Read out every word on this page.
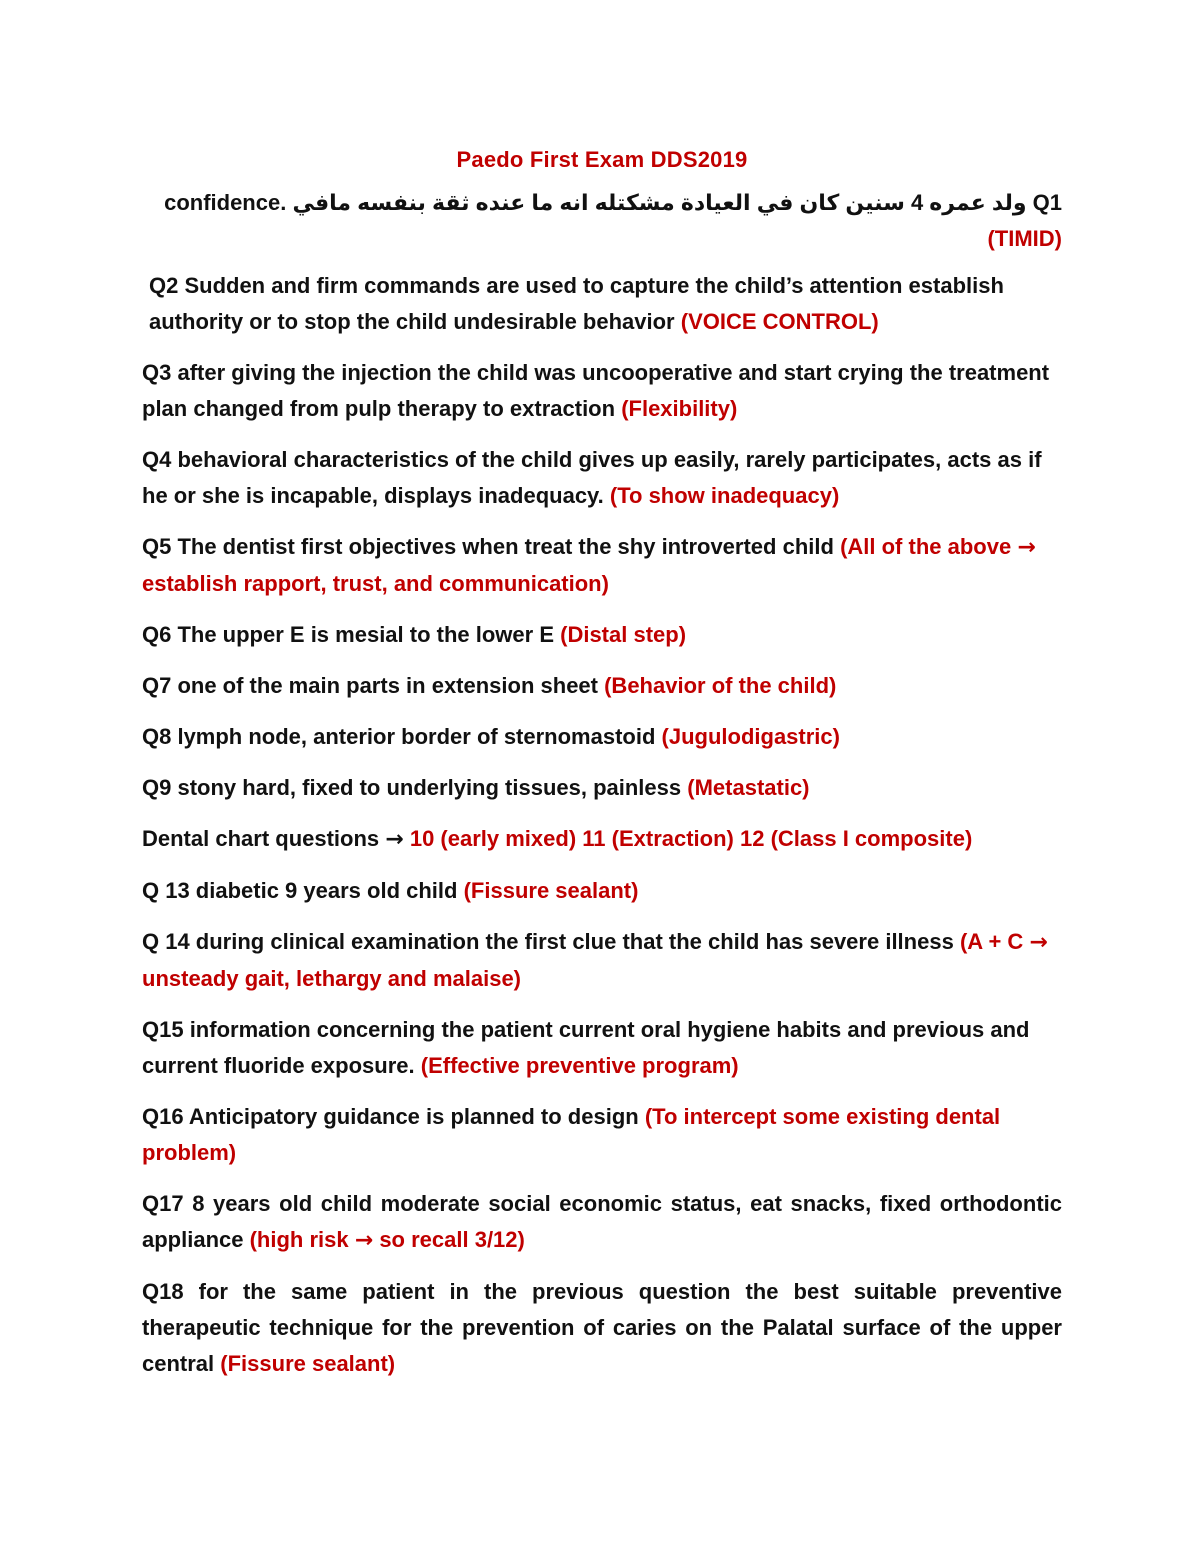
Paedo First Exam DDS2019
Q1 ولد عمره 4 سنين كان في العيادة مشكتله انه ما عنده ثقة بنفسه مافي confidence. (TIMID)
Q2 Sudden and firm commands are used to capture the child’s attention establish authority or to stop the child undesirable behavior (VOICE CONTROL)
Q3 after giving the injection the child was uncooperative and start crying the treatment plan changed from pulp therapy to extraction (Flexibility)
Q4 behavioral characteristics of the child gives up easily, rarely participates, acts as if he or she is incapable, displays inadequacy. (To show inadequacy)
Q5 The dentist first objectives when treat the shy introverted child (All of the above → establish rapport, trust, and communication)
Q6 The upper E is mesial to the lower E (Distal step)
Q7 one of the main parts in extension sheet (Behavior of the child)
Q8 lymph node, anterior border of sternomastoid (Jugulodigastric)
Q9 stony hard, fixed to underlying tissues, painless (Metastatic)
Dental chart questions → 10 (early mixed) 11 (Extraction) 12 (Class I composite)
Q 13 diabetic 9 years old child (Fissure sealant)
Q 14 during clinical examination the first clue that the child has severe illness (A + C → unsteady gait, lethargy and malaise)
Q15 information concerning the patient current oral hygiene habits and previous and current fluoride exposure. (Effective preventive program)
Q16 Anticipatory guidance is planned to design (To intercept some existing dental problem)
Q17 8 years old child moderate social economic status, eat snacks, fixed orthodontic appliance (high risk → so recall 3/12)
Q18 for the same patient in the previous question the best suitable preventive therapeutic technique for the prevention of caries on the Palatal surface of the upper central (Fissure sealant)
